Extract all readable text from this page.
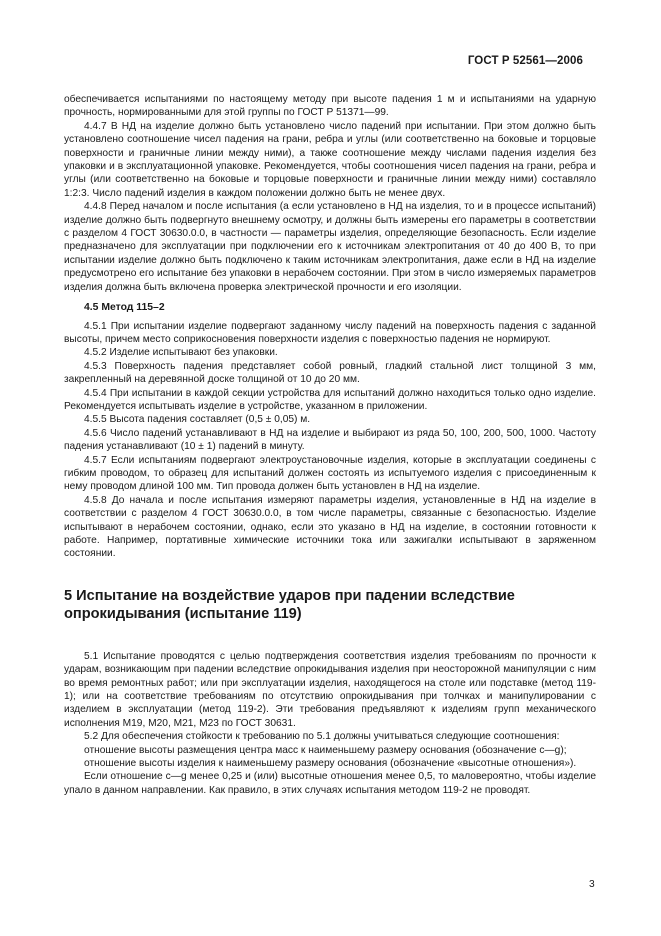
ГОСТ Р 52561—2006

обеспечивается испытаниями по настоящему методу при высоте падения 1 м и испытаниями на ударную прочность, нормированными для этой группы по ГОСТ Р 51371—99.

4.4.7 В НД на изделие должно быть установлено число падений при испытании. При этом должно быть установлено соотношение чисел падения на грани, ребра и углы (или соответственно на боковые и торцовые поверхности и граничные линии между ними), а также соотношение между числами падения изделия без упаковки и в эксплуатационной упаковке. Рекомендуется, чтобы соотношения чисел падения на грани, ребра и углы (или соответственно на боковые и торцовые поверхности и граничные линии между ними) составляло 1:2:3. Число падений изделия в каждом положении должно быть не менее двух.

4.4.8 Перед началом и после испытания (а если установлено в НД на изделия, то и в процессе испытаний) изделие должно быть подвергнуто внешнему осмотру, и должны быть измерены его параметры в соответствии с разделом 4 ГОСТ 30630.0.0, в частности — параметры изделия, определяющие безопасность. Если изделие предназначено для эксплуатации при подключении его к источникам электропитания от 40 до 400 В, то при испытании изделие должно быть подключено к таким источникам электропитания, даже если в НД на изделие предусмотрено его испытание без упаковки в нерабочем состоянии. При этом в число измеряемых параметров изделия должна быть включена проверка электрической прочности и его изоляции.

4.5 Метод 115–2

4.5.1 При испытании изделие подвергают заданному числу падений на поверхность падения с заданной высоты, причем место соприкосновения поверхности изделия с поверхностью падения не нормируют.

4.5.2 Изделие испытывают без упаковки.

4.5.3 Поверхность падения представляет собой ровный, гладкий стальной лист толщиной 3 мм, закрепленный на деревянной доске толщиной от 10 до 20 мм.

4.5.4 При испытании в каждой секции устройства для испытаний должно находиться только одно изделие. Рекомендуется испытывать изделие в устройстве, указанном в приложении.

4.5.5 Высота падения составляет (0,5 ± 0,05) м.

4.5.6 Число падений устанавливают в НД на изделие и выбирают из ряда 50, 100, 200, 500, 1000. Частоту падения устанавливают (10 ± 1) падений в минуту.

4.5.7 Если испытаниям подвергают электроустановочные изделия, которые в эксплуатации соединены с гибким проводом, то образец для испытаний должен состоять из испытуемого изделия с присоединенным к нему проводом длиной 100 мм. Тип провода должен быть установлен в НД на изделие.

4.5.8 До начала и после испытания измеряют параметры изделия, установленные в НД на изделие в соответствии с разделом 4 ГОСТ 30630.0.0, в том числе параметры, связанные с безопасностью. Изделие испытывают в нерабочем состоянии, однако, если это указано в НД на изделие, в состоянии готовности к работе. Например, портативные химические источники тока или зажигалки испытывают в заряженном состоянии.

5 Испытание на воздействие ударов при падении вследствие опрокидывания (испытание 119)

5.1 Испытание проводятся с целью подтверждения соответствия изделия требованиям по прочности к ударам, возникающим при падении вследствие опрокидывания изделия при неосторожной манипуляции с ним во время ремонтных работ; или при эксплуатации изделия, находящегося на столе или подставке (метод 119-1); или на соответствие требованиям по отсутствию опрокидывания при толчках и манипулировании с изделием в эксплуатации (метод 119-2). Эти требования предъявляют к изделиям групп механического исполнения М19, М20, М21, М23 по ГОСТ 30631.

5.2 Для обеспечения стойкости к требованию по 5.1 должны учитываться следующие соотношения:

отношение высоты размещения центра масс к наименьшему размеру основания (обозначение с—g);

отношение высоты изделия к наименьшему размеру основания (обозначение «высотные отношения»).

Если отношение с—g менее 0,25 и (или) высотные отношения менее 0,5, то маловероятно, чтобы изделие упало в данном направлении. Как правило, в этих случаях испытания методом 119-2 не проводят.

3
